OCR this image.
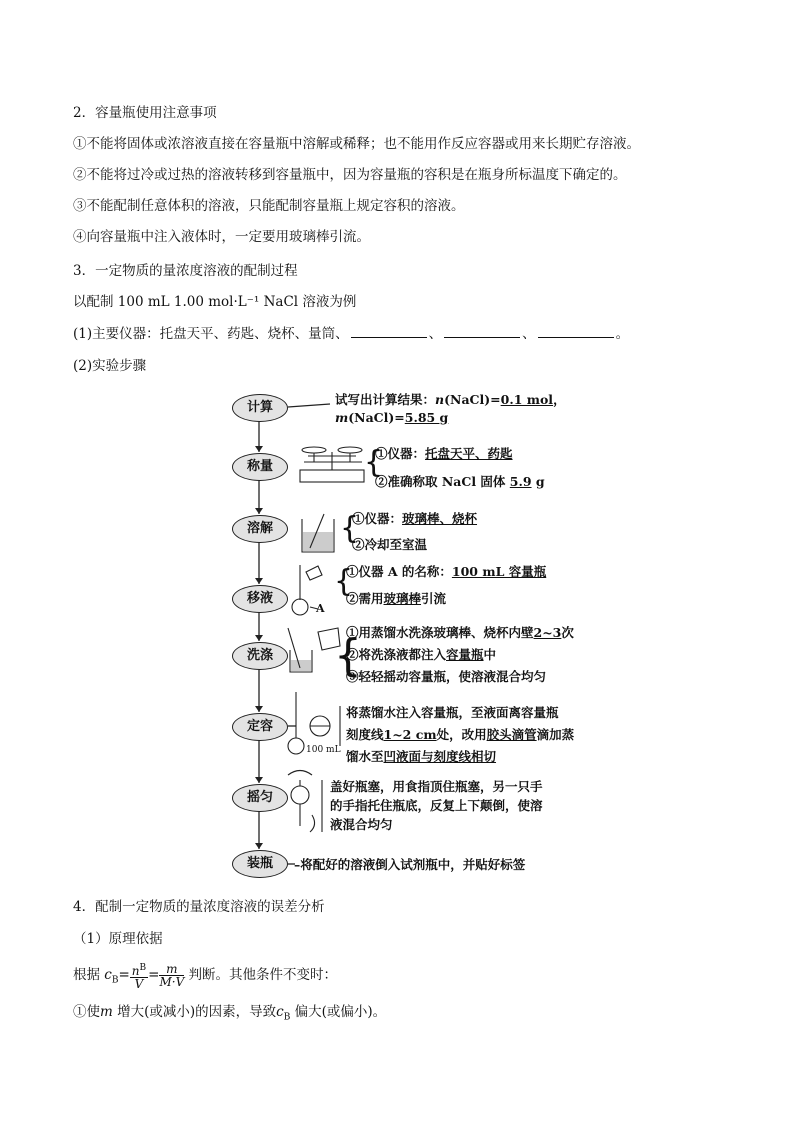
2．容量瓶使用注意事项
①不能将固体或浓溶液直接在容量瓶中溶解或稀释；也不能用作反应容器或用来长期贮存溶液。
②不能将过冷或过热的溶液转移到容量瓶中，因为容量瓶的容积是在瓶身所标温度下确定的。
③不能配制任意体积的溶液，只能配制容量瓶上规定容积的溶液。
④向容量瓶中注入液体时，一定要用玻璃棒引流。
3．一定物质的量浓度溶液的配制过程
以配制 100 mL 1.00 mol·L⁻¹ NaCl 溶液为例
(1)主要仪器：托盘天平、药匙、烧杯、量筒、	、	、	。
(2)实验步骤
计算
称量
溶解
移液
洗涤
定容
摇匀
装瓶
试写出计算结果：n(NaCl)=0.1 mol，
m(NaCl)=5.85 g
{
①仪器：托盘天平、药匙
②准确称取 NaCl 固体 5.9 g
{
①仪器：玻璃棒、烧杯
②冷却至室温
A
{
①仪器 A 的名称：100 mL 容量瓶
②需用玻璃棒引流
{
①用蒸馏水洗涤玻璃棒、烧杯内壁2~3次
②将洗涤液都注入容量瓶中
③轻轻摇动容量瓶，使溶液混合均匀
100 mL
将蒸馏水注入容量瓶，至液面离容量瓶
刻度线1~2 cm处，改用胶头滴管滴加蒸
馏水至凹液面与刻度线相切
盖好瓶塞，用食指顶住瓶塞，另一只手
的手指托住瓶底，反复上下颠倒，使溶
液混合均匀
–将配好的溶液倒入试剂瓶中，并贴好标签
4．配制一定物质的量浓度溶液的误差分析
（1）原理依据
根据 $c_B= \frac{n^B}{V} = \frac{m}{M\cdot V}$ 判断。其他条件不变时：
①使m 增大(或减小)的因素，导致$c_B$ 偏大(或偏小)。
